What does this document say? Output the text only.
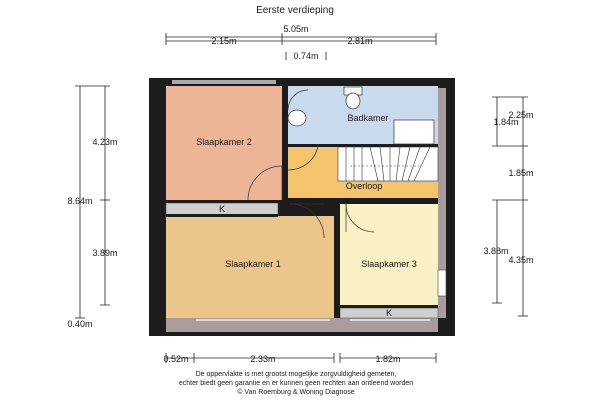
Eerste verdieping
5.05m
2.15m	2.81m
0.74m
4.23m
8.64m
3.89m
0.40m
2.25m
1.84m
1.85m
3.88m
4.35m
0.52m	2.33m	1.82m
Slaapkamer 2
Badkamer
Overloop
Slaapkamer 1	Slaapkamer 3
K
K
De oppervlakte is met grootst mogelijke zorgvuldigheid gemeten,
echter biedt geen garantie en er kunnen geen rechten aan ontleend worden
© Van Roemburg & Woning Diagnose
